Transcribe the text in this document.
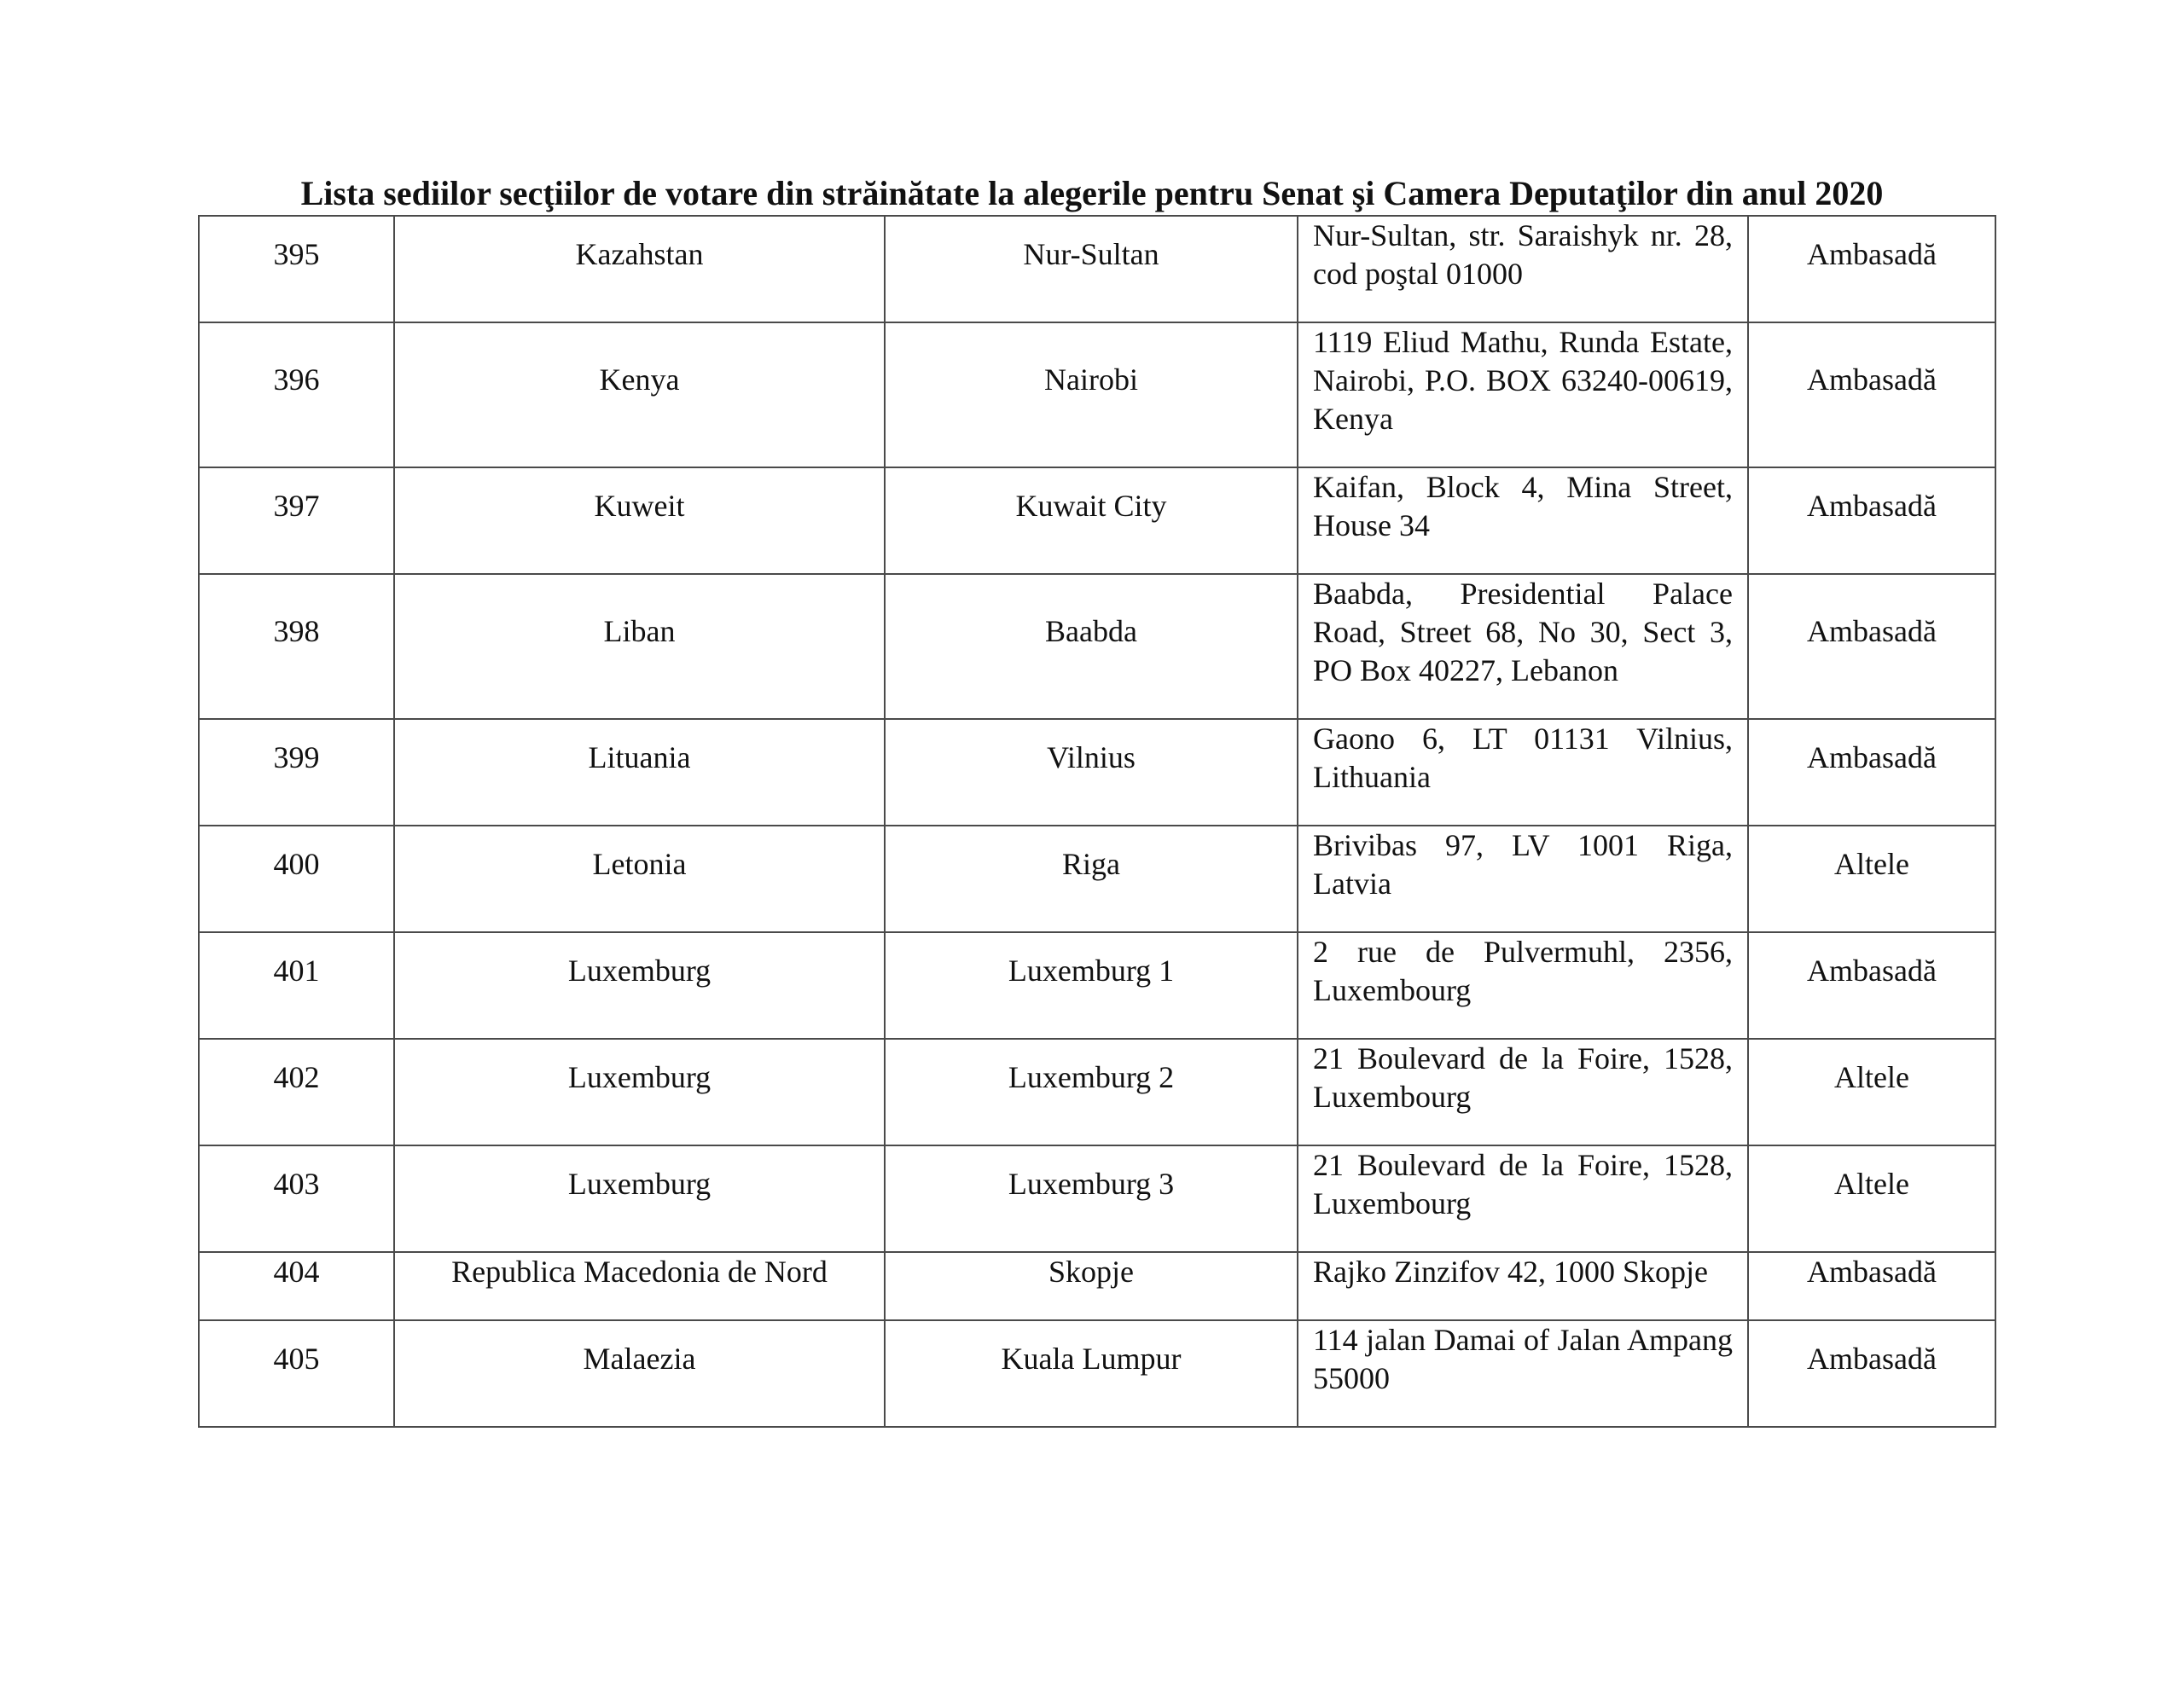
Lista sediilor secţiilor de votare din străinătate la alegerile pentru Senat şi Camera Deputaţilor din anul 2020
395	Kazahstan	Nur-Sultan	Nur-Sultan, str. Saraishyk nr. 28, cod poştal 01000	Ambasadă

396	Kenya	Nairobi	1119 Eliud Mathu, Runda Estate, Nairobi, P.O. BOX 63240-00619, Kenya	Ambasadă

397	Kuweit	Kuwait City	Kaifan, Block 4, Mina Street, House 34	Ambasadă

398	Liban	Baabda	Baabda, Presidential Palace Road, Street 68, No 30, Sect 3, PO Box 40227, Lebanon	Ambasadă

399	Lituania	Vilnius	Gaono 6, LT 01131 Vilnius, Lithuania	Ambasadă

400	Letonia	Riga	Brivibas 97, LV 1001 Riga, Latvia	Altele

401	Luxemburg	Luxemburg 1	2 rue de Pulvermuhl, 2356, Luxembourg	Ambasadă

402	Luxemburg	Luxemburg 2	21 Boulevard de la Foire, 1528, Luxembourg	Altele

403	Luxemburg	Luxemburg 3	21 Boulevard de la Foire, 1528, Luxembourg	Altele

404	Republica Macedonia de Nord	Skopje	Rajko Zinzifov 42, 1000 Skopje	Ambasadă

405	Malaezia	Kuala Lumpur	114 jalan Damai of Jalan Ampang 55000	Ambasadă
